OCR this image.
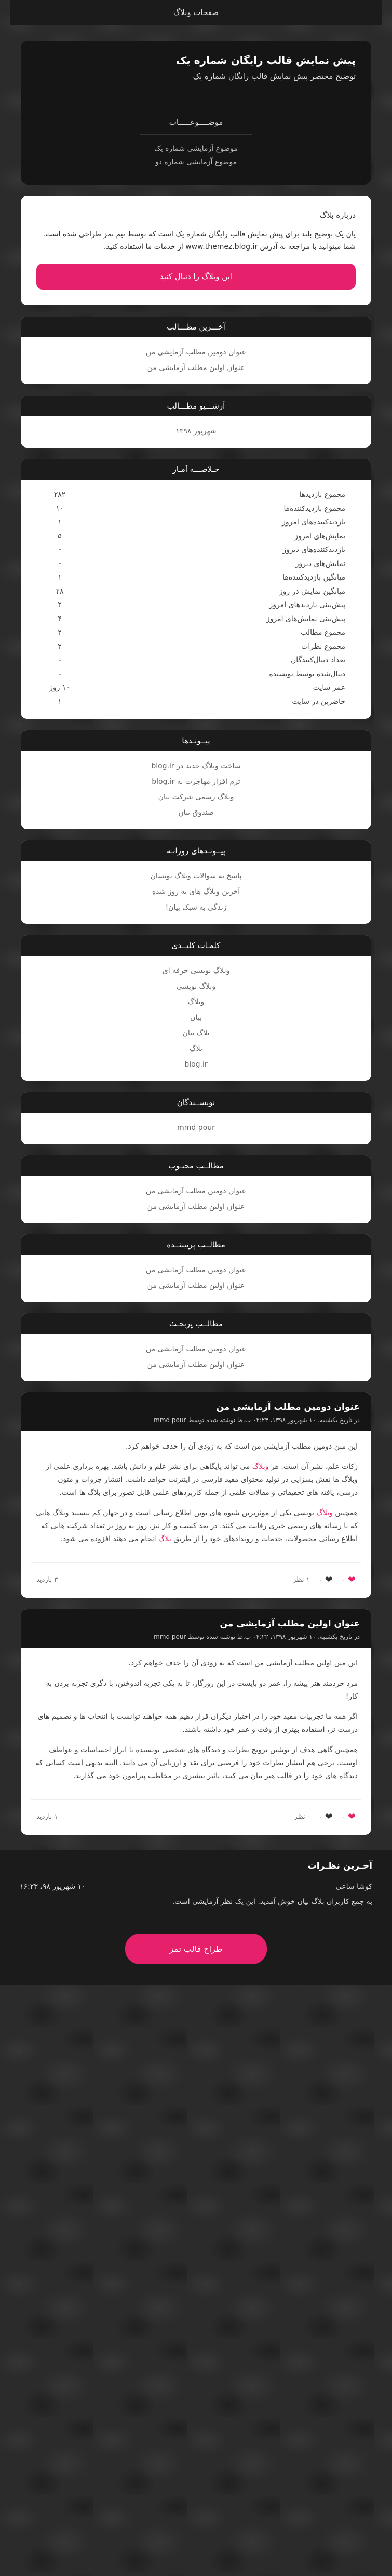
صفحات وبلاگ
پیش نمایش قالب رایگان شماره یک
توضیح مختصر پیش نمایش قالب رایگان شماره یک
موضــــوعـــــات
موضوع آزمایشی شماره یک
موضوع آزمایشی شماره دو
درباره بلاگ

یان یک توضیح بلند برای پیش نمایش قالب رایگان شماره یک است که توسط تیم تمز طراحی شده است. شما میتوانید با مراجعه به آدرس www.themez.blog.ir از خدمات ما استفاده کنید.

این وبلاگ را دنبال کنید
آخـــرین مطـــالب
عنوان دومین مطلب آزمایشی من
عنوان اولین مطلب آزمایشی من
آرشـــیو مطـــالب
شهریور ۱۳۹۸
خـلاصـــه آمـار
مجموع بازدیدها
۲۸۲
مجموع بازدیدکننده‌ها
۱۰
بازدیدکننده‌های امروز
۱
نمایش‌های امروز
۵
بازدیدکننده‌های دیروز
-
نمایش‌های دیروز
-
میانگین بازدیدکننده‌ها
۱
میانگین نمایش در روز
۲۸
پیش‌بینی بازدیدهای امروز
۲
پیش‌بینی نمایش‌های امروز
۴
مجموع مطالب
۲
مجموع نظرات
۲
تعداد دنبال‌کنندگان
-
دنبال‌شده توسط نویسنده
-
عمر سایت
۱۰ روز
حاضرین در سایت
۱
پیــونـدها
ساخت وبلاگ جدید در blog.ir
ترم افزار مهاجرت به blog.ir
وبلاگ رسمی شرکت بیان
صندوق بیان
پیــونـدهای روزانـه
پاسخ به سوالات وبلاگ نویسان
آخرین وبلاگ های به روز شده
زندگی به سبک بیان!
کلمـات کلیــدی
وبلاگ نویسی حرفه ای
وبلاگ نویسی
وبلاگ
بیان
بلاگ بیان
بلاگ
blog.ir
نویســندگان
mmd pour
مطالــب محبـوب
عنوان دومین مطلب آزمایشی من
عنوان اولین مطلب آزمایشی من
مطالــب پربیننــده
عنوان دومین مطلب آزمایشی من
عنوان اولین مطلب آزمایشی من
مطالــب پربحـث
عنوان دومین مطلب آزمایشی من
عنوان اولین مطلب آزمایشی من
عنوان دومین مطلب آزمایشی من
در تاریخ یکشنبه، ۱۰ شهریور ۱۳۹۸، ۰۴:۲۳ ب.ظ نوشته شده توسط mmd pour

این متن دومین مطلب آزمایشی من است که به زودی آن را حذف خواهم کرد.

زکات علم، نشر آن است. هر وبلاگ می تواند پایگاهی برای نشر علم و دانش باشد. بهره برداری علمی از وبلاگ ها نقش بسزایی در تولید محتوای مفید فارسی در اینترنت خواهد داشت. انتشار جزوات و متون درسی، یافته های تحقیقاتی و مقالات علمی از جمله کاربردهای علمی قابل تصور برای بلاگ ها است.

همچنین وبلاگ نویسی یکی از موثرترین شیوه های نوین اطلاع رسانی است و در جهان کم نیستند وبلاگ هایی که با رسانه های رسمی خبری رقابت می کنند. در بعد کسب و کار نیز، روز به روز بر تعداد شرکت هایی که اطلاع رسانی محصولات، خدمات و رویدادهای خود را از طریق بلاگ انجام می دهند افزوده می شود.

❤ ۰
❤ ۰
۱ نظر
۳ بازدید
عنوان اولین مطلب آزمایشی من
در تاریخ یکشنبه، ۱۰ شهریور ۱۳۹۸، ۰۴:۲۲ ب.ظ نوشته شده توسط mmd pour

این متن اولین مطلب آزمایشی من است که به زودی آن را حذف خواهم کرد.

مرد خردمند هنر پیشه را، عمر دو بایست در این روزگار، تا به یکی تجربه اندوختن، با دگری تجربه بردن به کار!

اگر همه ما تجربیات مفید خود را در اختیار دیگران قرار دهیم همه خواهند توانست با انتخاب ها و تصمیم های درست تر، استفاده بهتری از وقت و عمر خود داشته باشند.

همچنین گاهی هدف از نوشتن ترویج نظرات و دیدگاه های شخصی نویسنده یا ابراز احساسات و عواطف اوست. برخی هم انتشار نظرات خود را فرصتی برای نقد و ارزیابی آن می دانند. البته بدیهی است کسانی که دیدگاه های خود را در قالب هنر بیان می کنند، تاثیر بیشتری بر مخاطب پیرامون خود می گذارند.

❤ ۰
❤ ۰
- نظر
۱ بازدید
آخـرین نظـرات
کوشا ساعی
به جمع کاربران بلاگ بیان خوش آمدید. این یک نظر آزمایشی است.
۱۰ شهریور ۹۸، ۱۶:۲۳
طراح قالب تمز
